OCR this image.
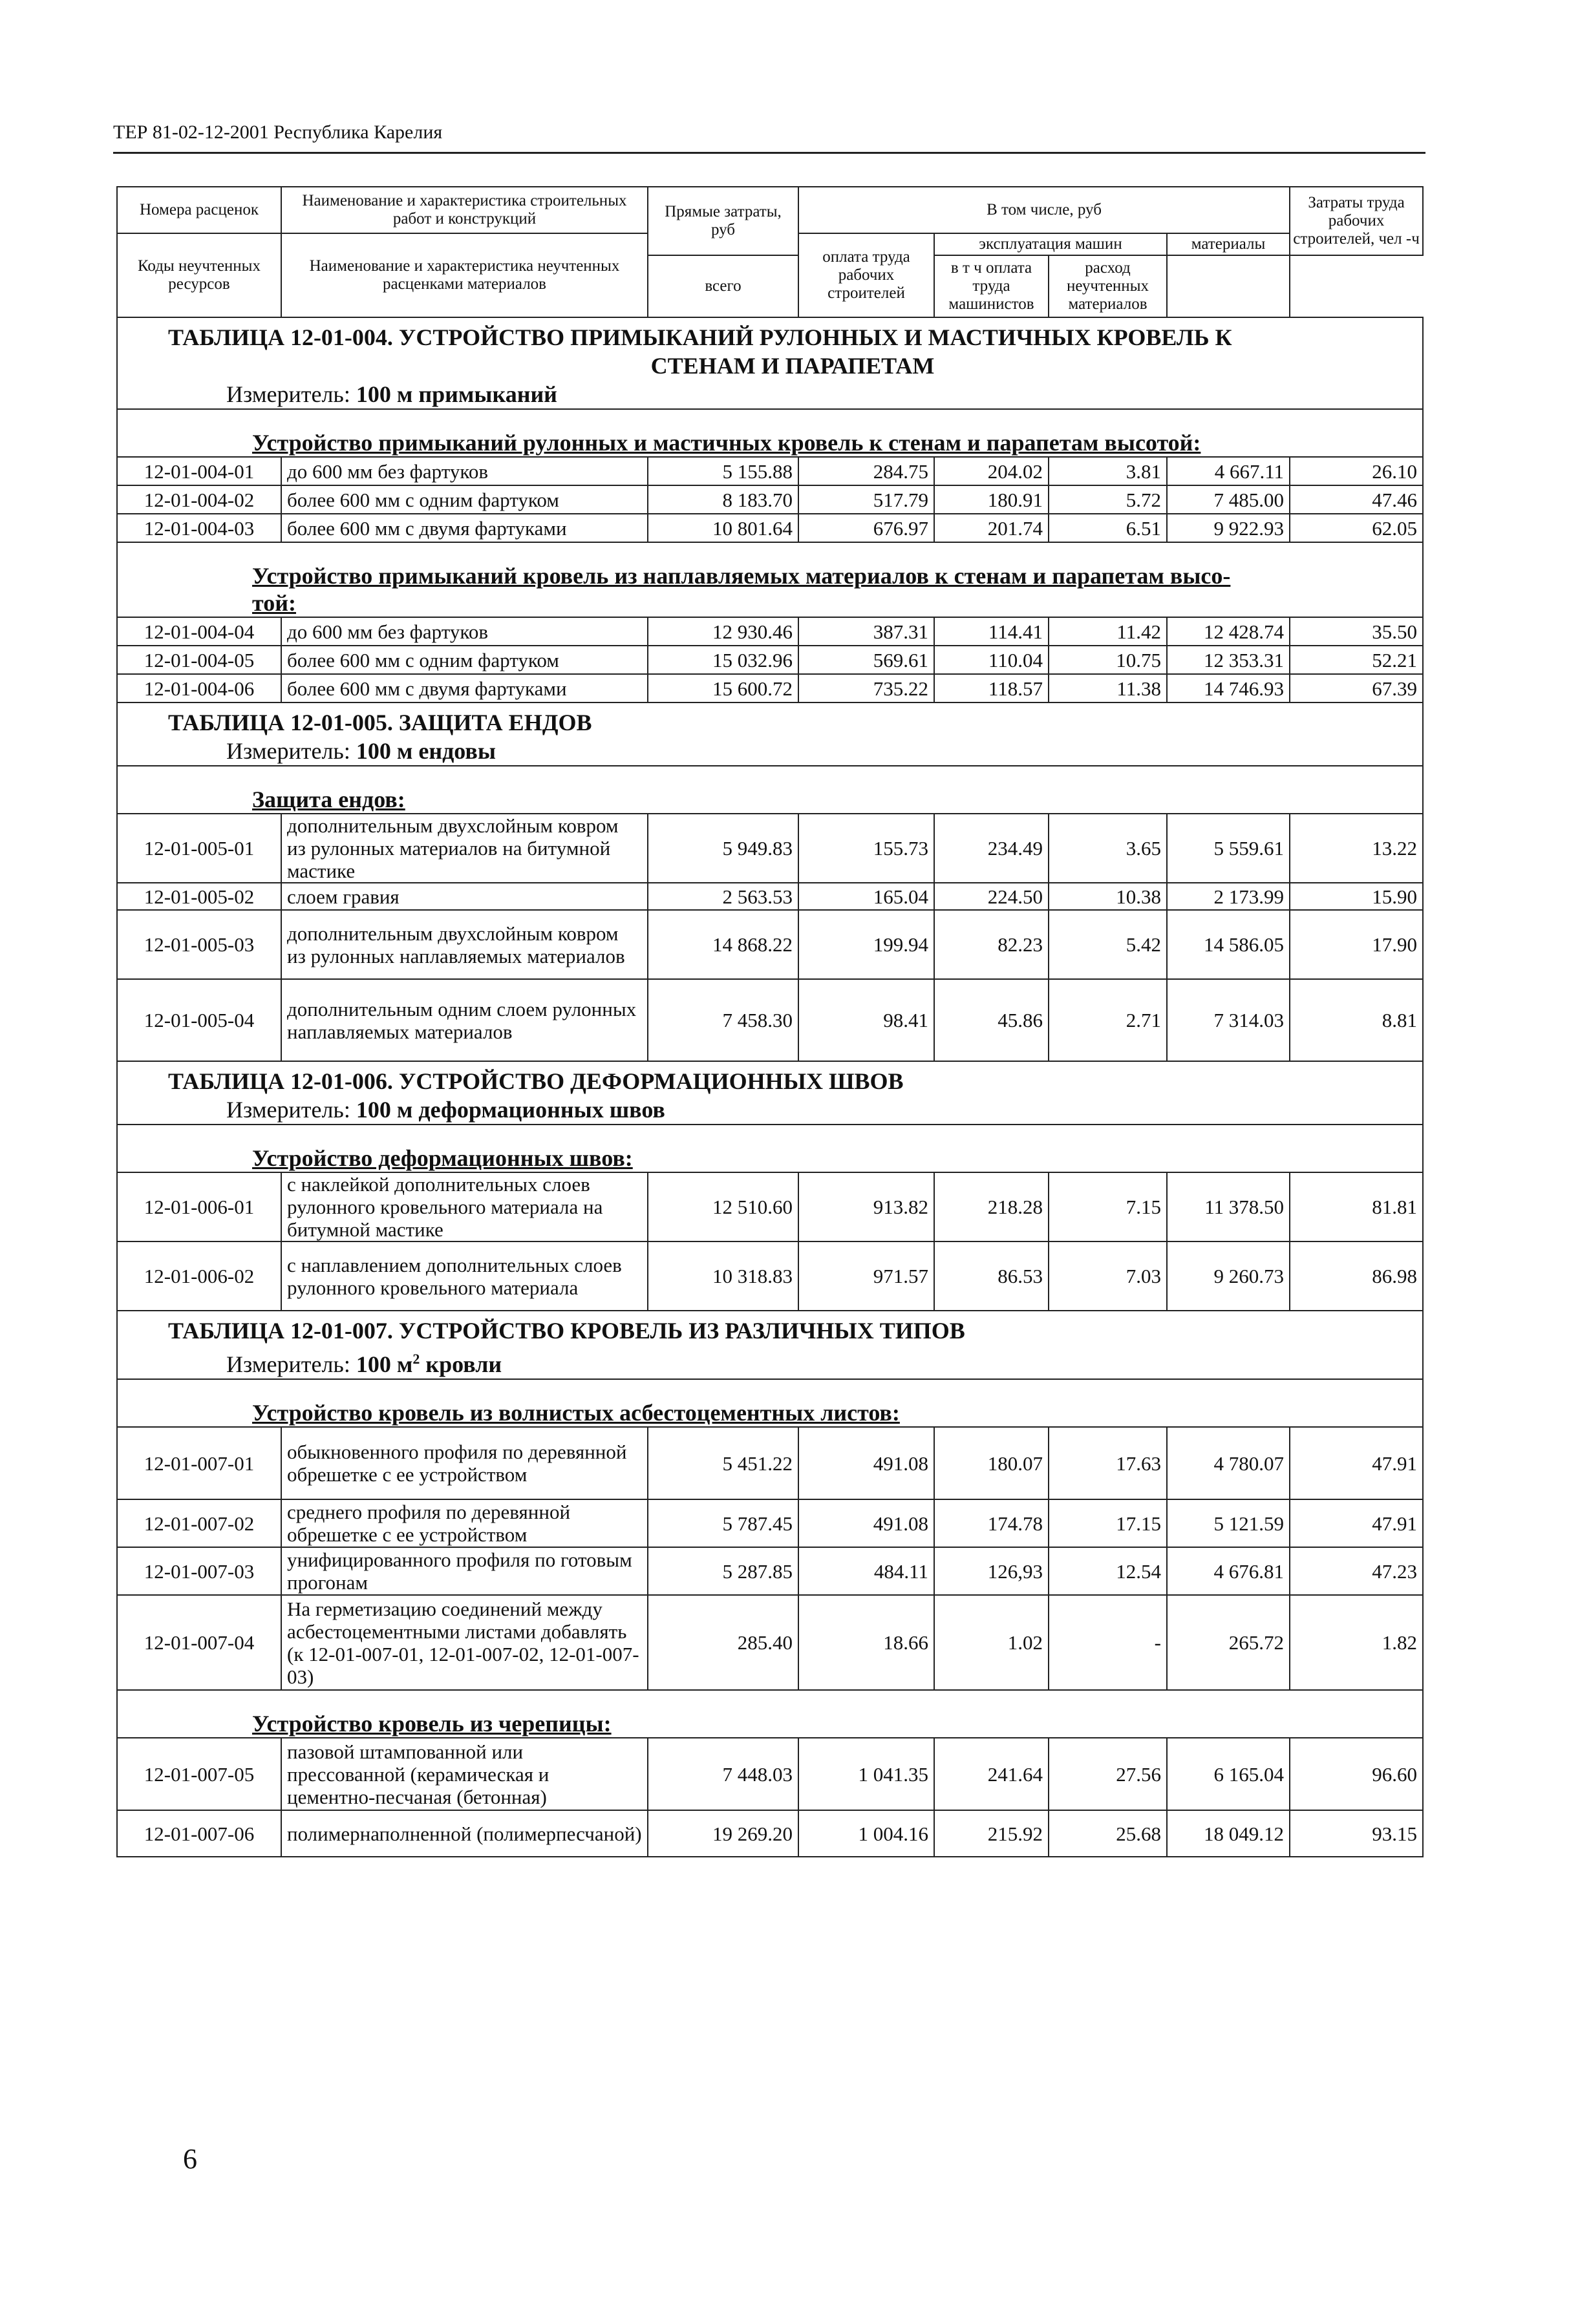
ТЕР 81-02-12-2001 Республика Карелия
Номера расценок	Наименование и характеристика строительных работ и конструкций	Прямые затраты, руб	В том числе, руб				Затраты труда рабочих строителей, чел -ч
Коды неучтенных ресурсов	Наименование и характеристика неучтенных расценками материалов		оплата труда рабочих строителей	эксплуатация машин		материалы	
		всего		в т ч оплата труда машинистов	расход неучтенных материалов		
ТАБЛИЦА 12-01-004. УСТРОЙСТВО ПРИМЫКАНИЙ РУЛОННЫХ И МАСТИЧНЫХ КРОВЕЛЬ К
СТЕНАМ И ПАРАПЕТАМ
Измеритель: 100 м примыканий							

Устройство примыканий рулонных и мастичных кровель к стенам и парапетам высотой:							

12-01-004-01	до 600 мм без фартуков	5 155.88	284.75	204.02	3.81	4 667.11	26.10
12-01-004-02	более 600 мм с одним фартуком	8 183.70	517.79	180.91	5.72	7 485.00	47.46
12-01-004-03	более 600 мм с двумя фартуками	10 801.64	676.97	201.74	6.51	9 922.93	62.05

Устройство примыканий кровель из наплавляемых материалов к стенам и парапетам высо-
той:							

12-01-004-04	до 600 мм без фартуков	12 930.46	387.31	114.41	11.42	12 428.74	35.50
12-01-004-05	более 600 мм с одним фартуком	15 032.96	569.61	110.04	10.75	12 353.31	52.21
12-01-004-06	более 600 мм с двумя фартуками	15 600.72	735.22	118.57	11.38	14 746.93	67.39
ТАБЛИЦА 12-01-005. ЗАЩИТА ЕНДОВ
Измеритель: 100 м ендовы							

Защита ендов:							

12-01-005-01	дополнительным двухслойным ковром из рулонных материалов на битумной мастике	5 949.83	155.73	234.49	3.65	5 559.61	13.22
12-01-005-02	слоем гравия	2 563.53	165.04	224.50	10.38	2 173.99	15.90
12-01-005-03	дополнительным двухслойным ковром из рулонных наплавляемых материалов	14 868.22	199.94	82.23	5.42	14 586.05	17.90
12-01-005-04	дополнительным одним слоем рулонных наплавляемых материалов	7 458.30	98.41	45.86	2.71	7 314.03	8.81
ТАБЛИЦА 12-01-006. УСТРОЙСТВО ДЕФОРМАЦИОННЫХ ШВОВ
Измеритель: 100 м деформационных швов							

Устройство деформационных швов:							

12-01-006-01	с наклейкой дополнительных слоев рулонного кровельного материала на битумной мастике	12 510.60	913.82	218.28	7.15	11 378.50	81.81
12-01-006-02	с наплавлением дополнительных слоев рулонного кровельного материала	10 318.83	971.57	86.53	7.03	9 260.73	86.98
ТАБЛИЦА 12-01-007. УСТРОЙСТВО КРОВЕЛЬ ИЗ РАЗЛИЧНЫХ ТИПОВ
Измеритель: 100 $м^2$ кровли							

Устройство кровель из волнистых асбестоцементных листов:							

12-01-007-01	обыкновенного профиля по деревянной обрешетке с ее устройством	5 451.22	491.08	180.07	17.63	4 780.07	47.91
12-01-007-02	среднего профиля по деревянной обрешетке с ее устройством	5 787.45	491.08	174.78	17.15	5 121.59	47.91
12-01-007-03	унифицированного профиля по готовым прогонам	5 287.85	484.11	126,93	12.54	4 676.81	47.23
12-01-007-04	На герметизацию соединений между асбестоцементными листами добавлять (к 12-01-007-01, 12-01-007-02, 12-01-007-03)	285.40	18.66	1.02	-	265.72	1.82

Устройство кровель из черепицы:							

12-01-007-05	пазовой штампованной или прессованной (керамическая и цементно-песчаная (бетонная)	7 448.03	1 041.35	241.64	27.56	6 165.04	96.60
12-01-007-06	полимернаполненной (полимерпесчаной)	19 269.20	1 004.16	215.92	25.68	18 049.12	93.15
6
